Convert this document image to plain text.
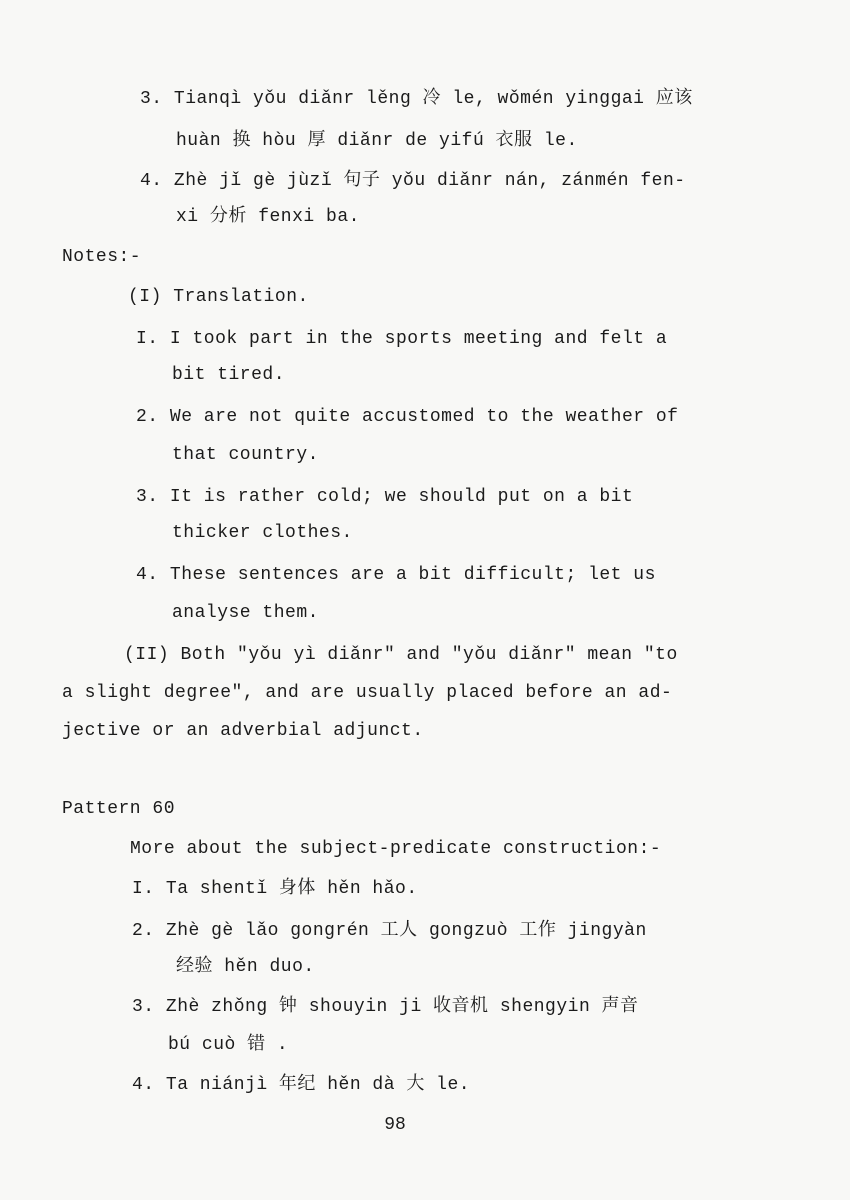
3. Tianqì yǒu diǎnr lěng 冷 le, wǒmén yinggai 应该
huàn 换 hòu 厚 diǎnr de yifú 衣服 le.
4. Zhè jǐ gè jùzǐ 句子 yǒu diǎnr nán, zánmén fen-
xi 分析 fenxi ba.
Notes:-
(I) Translation.
I. I took part in the sports meeting and felt a
bit tired.
2. We are not quite accustomed to the weather of
that country.
3. It is rather cold; we should put on a bit
thicker clothes.
4. These sentences are a bit difficult; let us
analyse them.
(II) Both "yǒu yì diǎnr" and "yǒu diǎnr" mean "to
a slight degree", and are usually placed before an ad-
jective or an adverbial adjunct.
Pattern 60
More about the subject-predicate construction:-
I. Ta shentǐ 身体 hěn hǎo.
2. Zhè gè lǎo gongrén 工人 gongzuò 工作 jingyàn
经验 hěn duo.
3. Zhè zhǒng 钟 shouyin ji 收音机 shengyin 声音
bú cuò 错 .
4. Ta niánjì 年纪 hěn dà 大 le.
98
